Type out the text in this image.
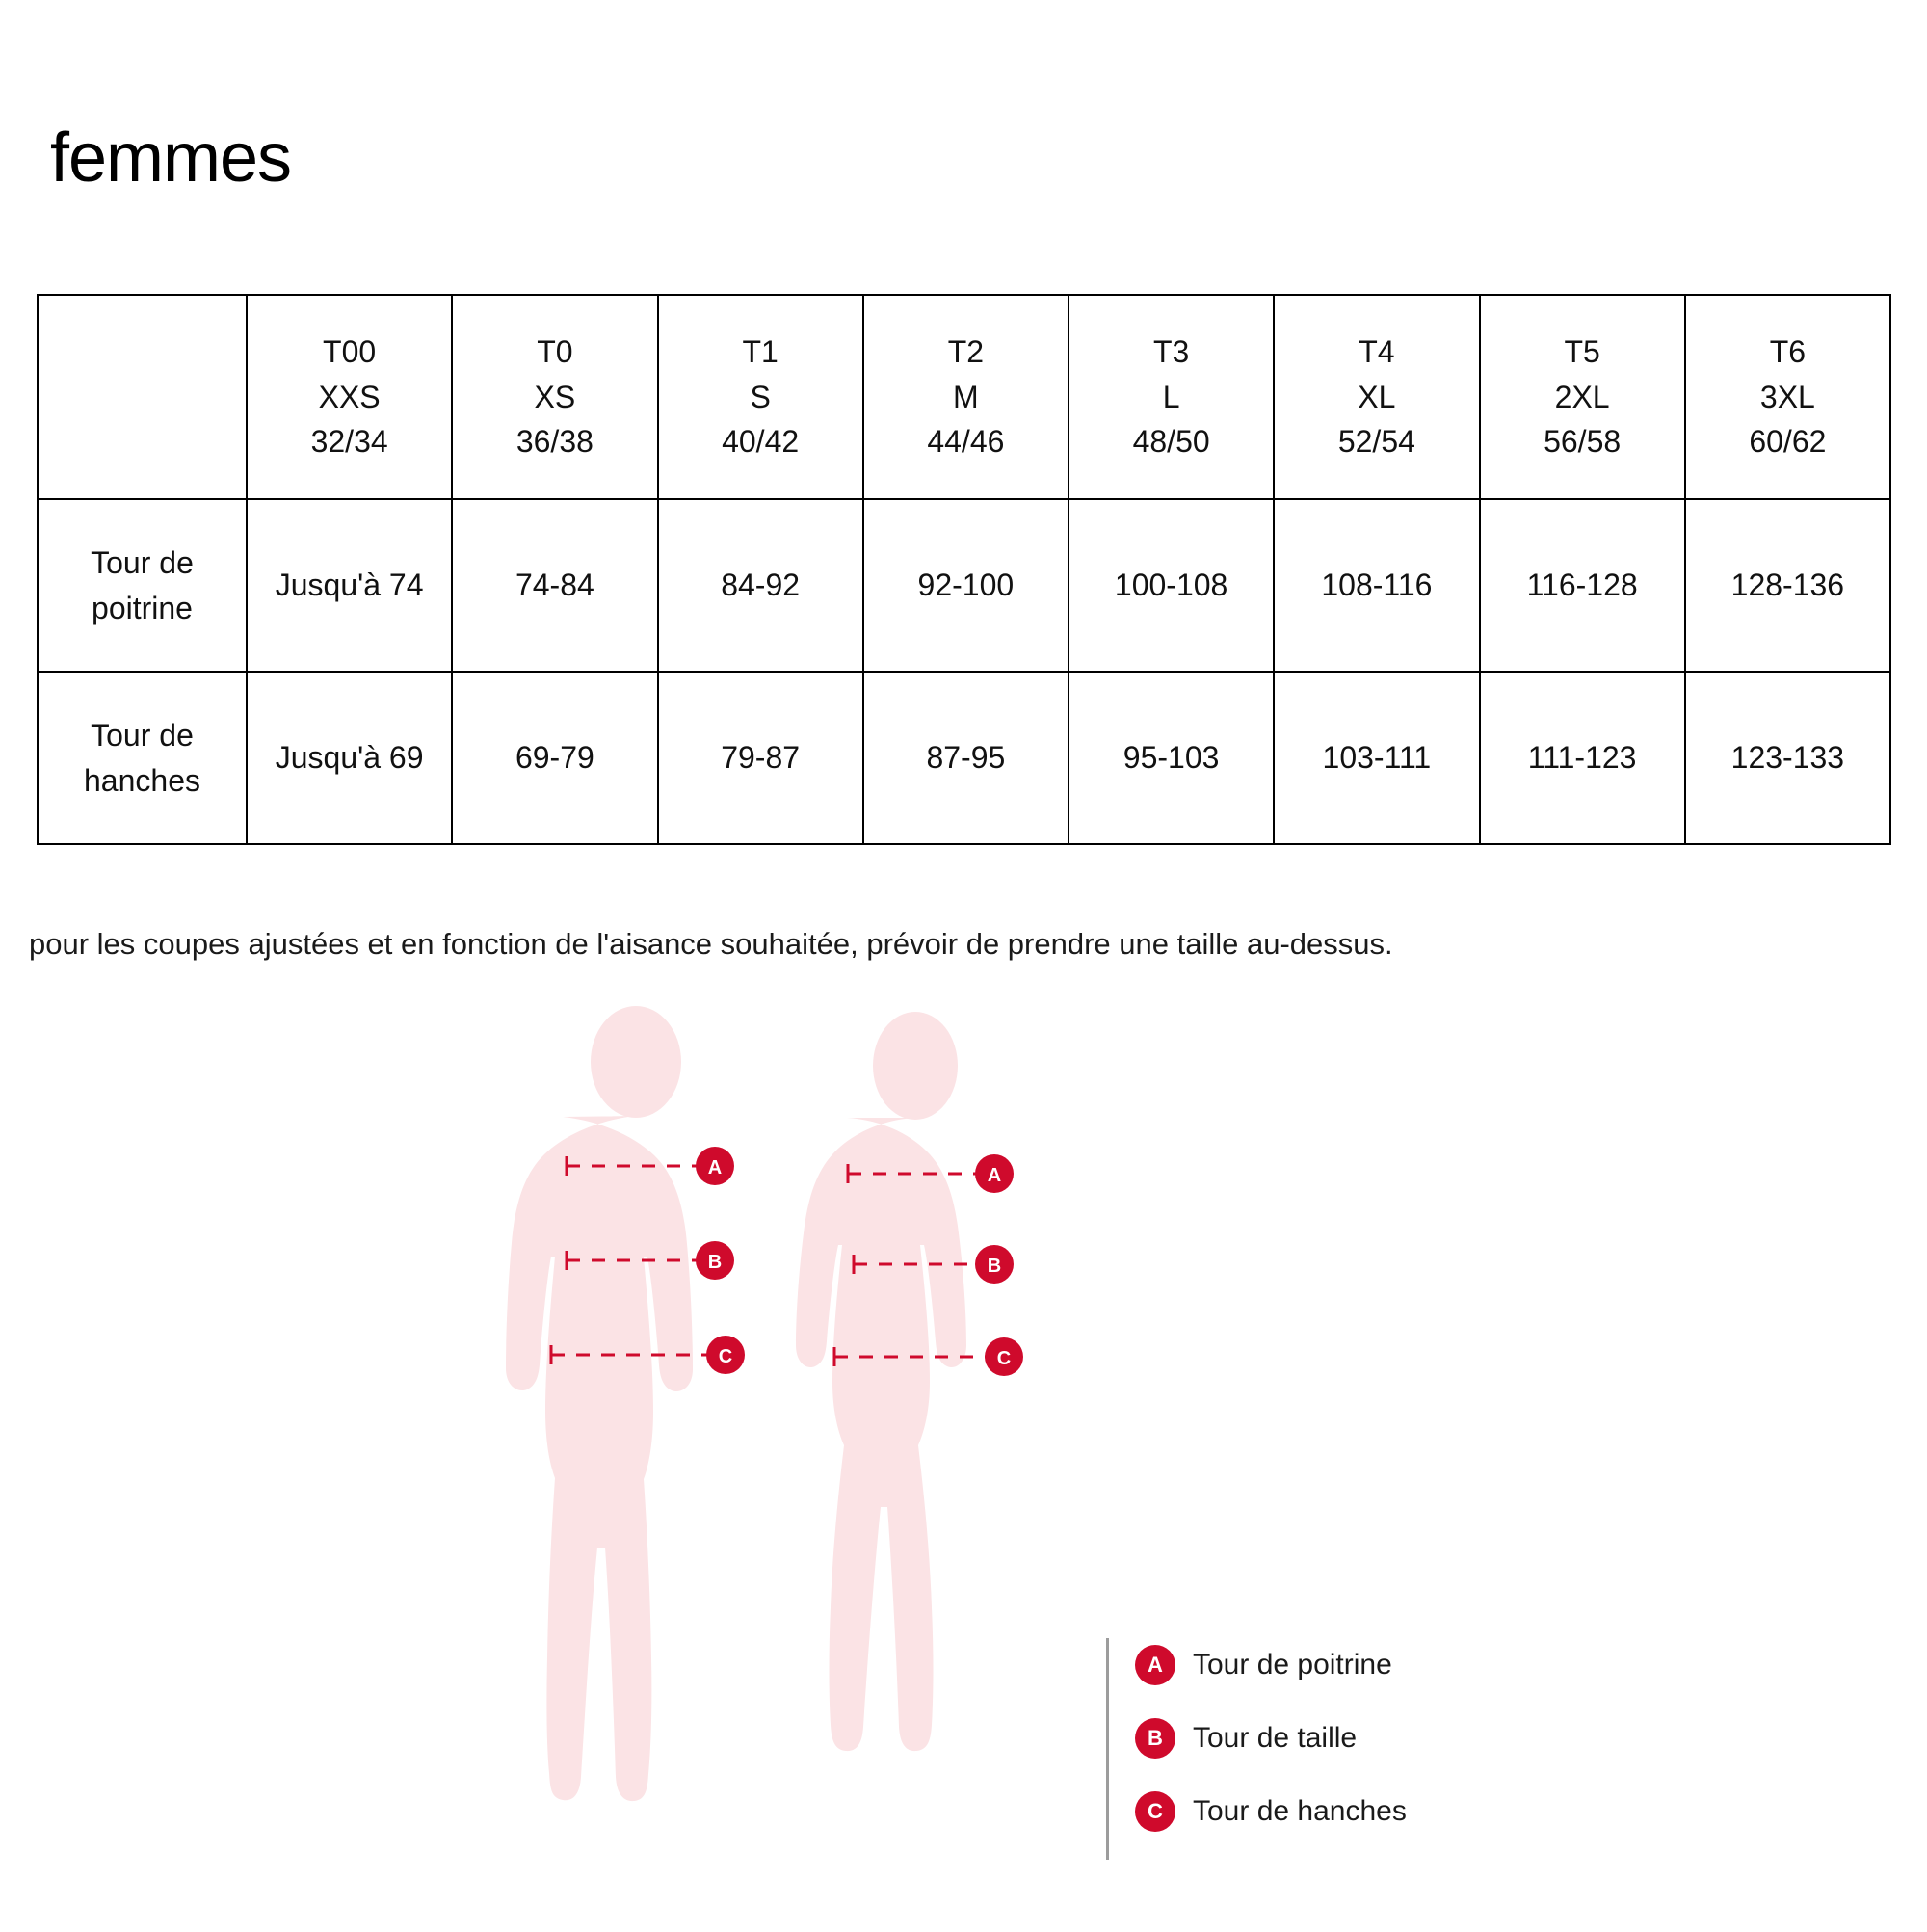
femmes

	T00
XXS
32/34	T0
XS
36/38	T1
S
40/42	T2
M
44/46	T3
L
48/50	T4
XL
52/54	T5
2XL
56/58	T6
3XL
60/62

Tour de poitrine	Jusqu'à 74	74-84	84-92	92-100	100-108	108-116	116-128	128-136
Tour de hanches	Jusqu'à 69	69-79	79-87	87-95	95-103	103-111	111-123	123-133
pour les coupes ajustées et en fonction de l'aisance souhaitée, prévoir de prendre une taille au-dessus.
A
B
C
A
B
C
A	Tour de poitrine
B	Tour de taille
C	Tour de hanches
